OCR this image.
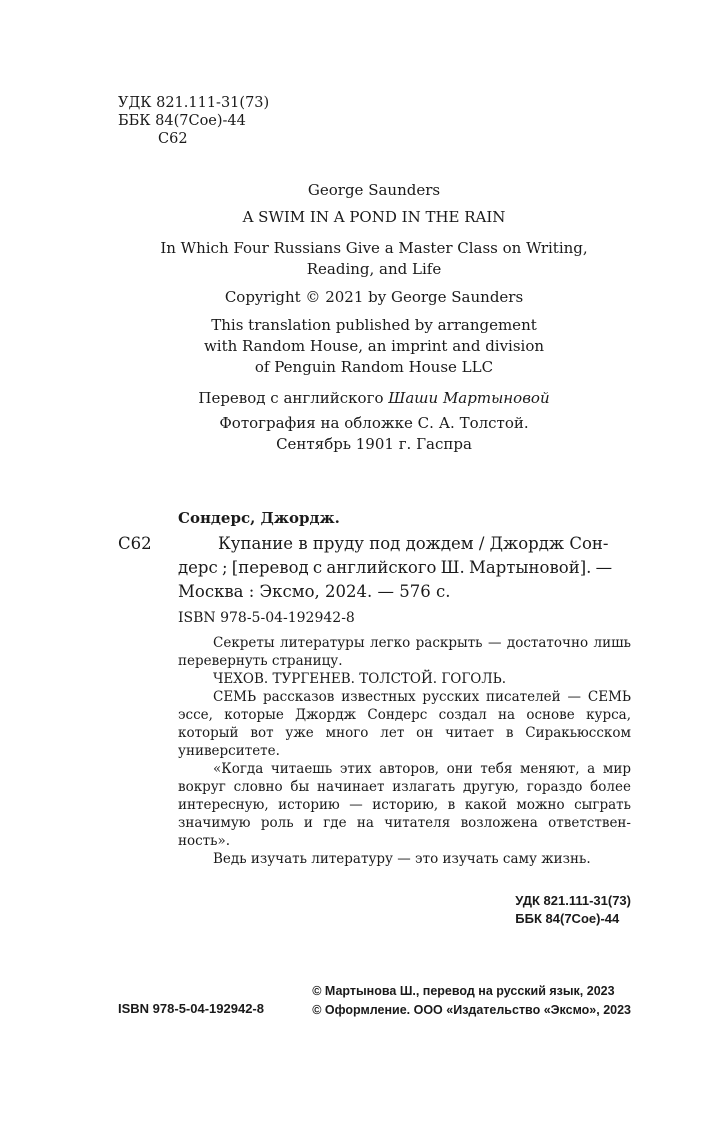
УДК 821.111-31(73)
ББК 84(7Сое)-44
С62

George Saunders

A SWIM IN A POND IN THE RAIN

In Which Four Russians Give a Master Class on Writing,

Reading, and Life

Copyright © 2021 by George Saunders

This translation published by arrangement

with Random House, an imprint and division

of Penguin Random House LLC

Перевод с английского Шаши Мартыновой

Фотография на обложке С. А. Толстой.

Сентябрь 1901 г. Гаспра

Сондерс, Джордж.
С62	Купание в пруду под дождем / Джордж Сон-
дерс ; [перевод с английского Ш. Мартыновой]. —
Москва : Эксмо, 2024. — 576 с.
ISBN 978-5-04-192942-8

Секреты литературы легко раскрыть — достаточно лишь перевернуть страницу.

ЧЕХОВ. ТУРГЕНЕВ. ТОЛСТОЙ. ГОГОЛЬ.

СЕМЬ рассказов известных русских писателей — СЕМЬ эссе, которые Джордж Сондерс создал на основе курса, который вот уже много лет он читает в Сиракьюсском университете.

«Когда читаешь этих авторов, они тебя меняют, а мир вокруг словно бы начинает излагать другую, гораздо более интересную, историю — историю, в какой можно сыграть значимую роль и где на читателя возложена ответствен-ность».

Ведь изучать литературу — это изучать саму жизнь.

УДК 821.111-31(73)
ББК 84(7Сое)-44
ISBN 978-5-04-192942-8
© Мартынова Ш., перевод на русский язык, 2023
© Оформление. ООО «Издательство «Эксмо», 2023
